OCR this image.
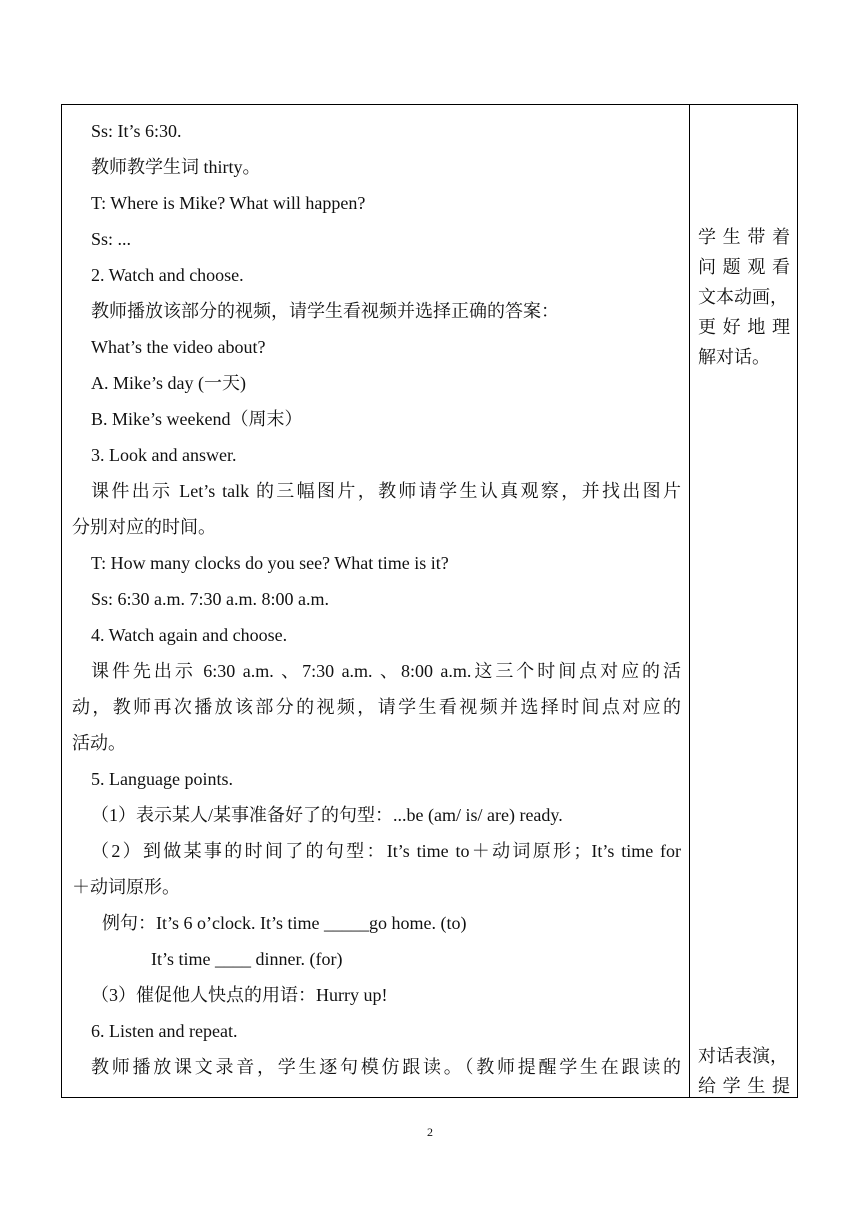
Ss: It’s 6:30.
教师教学生词 thirty。
T: Where is Mike? What will happen?
Ss: ...
2. Watch and choose.
教师播放该部分的视频，请学生看视频并选择正确的答案：
What’s the video about?
A. Mike’s day (一天)
B. Mike’s weekend（周末）
3. Look and answer.
课件出示 Let’s talk 的三幅图片，教师请学生认真观察，并找出图片
分别对应的时间。
T: How many clocks do you see? What time is it?
Ss: 6:30 a.m. 7:30 a.m. 8:00 a.m.
4. Watch again and choose.
课件先出示 6:30 a.m. 、7:30 a.m. 、8:00 a.m.这三个时间点对应的活
动，教师再次播放该部分的视频，请学生看视频并选择时间点对应的
活动。
5. Language points.
（1）表示某人/某事准备好了的句型：...be (am/ is/ are) ready.
（2）到做某事的时间了的句型：It’s time to＋动词原形；It’s time for
＋动词原形。
例句：It’s 6 o’clock. It’s time _____go home. (to)
It’s time ____ dinner. (for)
（3）催促他人快点的用语：Hurry up!
6. Listen and repeat.
教师播放课文录音，学生逐句模仿跟读。（教师提醒学生在跟读的
学生带着
问题观看
文本动画，
更好地理
解对话。
对话表演，
给学生提
2
